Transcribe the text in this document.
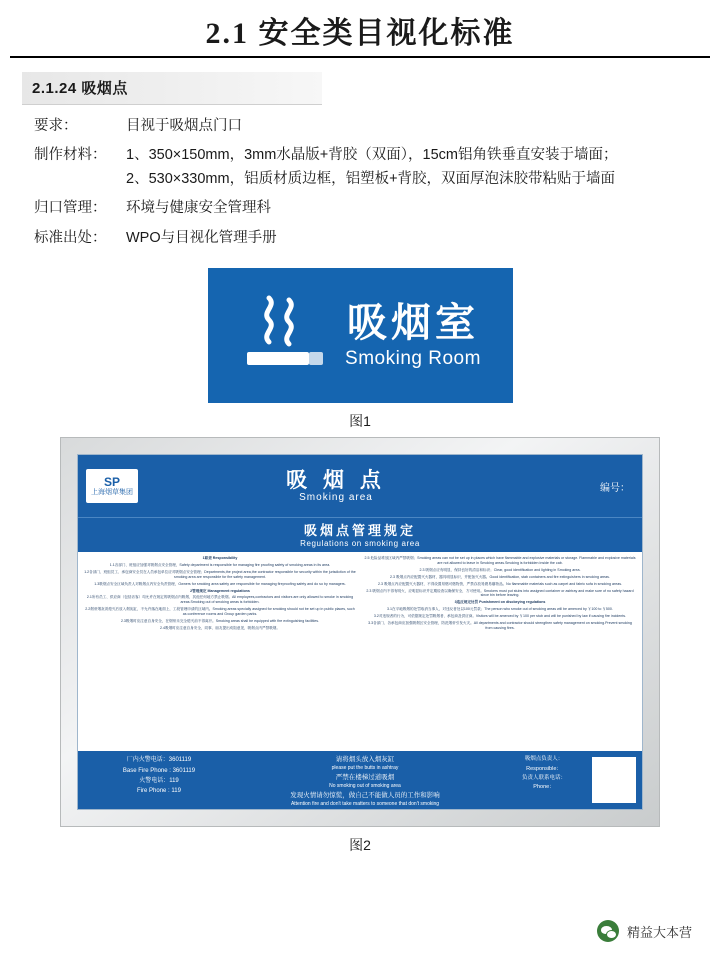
2.1 安全类目视化标准
2.1.24 吸烟点
要求：	目视于吸烟点门口
制作材料：	1、350×150mm，3mm水晶版+背胶（双面），15cm铝角铁垂直安装于墙面；
2、530×330mm，铝质材质边框，铝塑板+背胶，双面厚泡沫胶带粘贴于墙面
归口管理：	环境与健康安全管理科
标准出处：	WPO与目视化管理手册
吸烟室
Smoking Room
图1
SP
上海烟草集团
吸 烟 点
Smoking area
编号：
吸烟点管理规定
Regulations on smoking area

1职责 Responsibility

1.1各部门、班组应加强对吸烟点安全管理，Safety department is responsible for managing fire proofing safety of smoking areas in its area.

1.2各部门、班组员工、承包商安全员在人员承包单位应对吸烟点安全管理；Departments,the project area,the contractor responsible for security within the jurisdiction of the smoking area are responsible for fire safety management.

1.3吸烟点安全区域负责人对吸烟点内安全负责管理，Owners for smoking area safety are responsible for managing fireproofing safety and do so by managers.

2管理规定 Management regulations

2.1所有员工、供应商（包括访客）均允许在规定的吸烟点内吸烟，其他任何地方禁止吸烟。All employees,contractors and visitors are only allowed to smoke in smoking areas.Smoking out of smoking areas is forbidden.

2.2烟蒂烟灰须熄灭后放入烟灰缸，不允许落在地面上，工段管理申请的区域内。Smoking areas specially assigned for smoking should not be set up in public places, such as conference rooms and Group garden parks.

2.3吸烟时应注意自身安全，在烟蒂未完全熄灭前不得离开。Smoking areas shall be equipped with fire extinguishing facilities.

2.4吸烟时应注意自身安全，同事、朋友提出劝阻意见，吸烟点内严禁吸烟。

2.5 危险品堆放区域内严禁吸烟；Smoking areas can not be set up in places which have flammable and explosive materials or storage. Flammable and explosive materials are not allowed to leave in Smoking areas.Smoking is forbidden inside the cab.

2.3 吸烟点应有明显、保持良好的清洁和标识；Clear, good identification and lighting in Smoking area.

2.3 吸烟点内应配置灭火器材，器具明显标识，并配备灭火器。Good identification, stab containers and fire extinguishers in smoking areas.

2.3 吸烟点内应配置灭火器材，不得设置易燃可燃物资，严禁存放易燃易爆物品。No flammable materials such as carpet and fabric sofa in smoking areas.

2.3 吸烟点内不得有明火，应明显标识并定期检查以确保安全，方可使用。Smokers must put stubs into assigned container or ashtray and make sure of no safety hazard since bin before leaving.

3违反规定处罚 Punishment on disobeying regulations

3.1在平地吸烟的处罚取消当事人，对违反者处以100元罚款；The person who smoke out of smoking areas will be amerced by ￥100 to ￥500.

3.2对违规者的行为，可依据规定处罚吸烟者、承包商及供应商。Visitors will be amerced by ￥100 per stub and will be punished by law if causing fire incidents.

3.3各部门、各承包商应加强吸烟区安全管理，防范烟蒂引发火灾。All departments and contractor should strengthen safety management on smoking.Prevent smoking from causing fires.

厂内火警电话：3601119
Base Fire Phone : 3601119
火警电话：119
Fire Phone : 119
请将烟头放入烟灰缸
please put the butts in ashtray
严禁在楼梯过道吸烟
No smoking out of smoking area
发现火情请勿惊慌，做自己不能做人员的工作和影响
Attention fire and don't take matters to someone that don't smoking
吸烟点负责人：
Responsible：
负责人联系电话：
Phone：
图2
精益大本营
